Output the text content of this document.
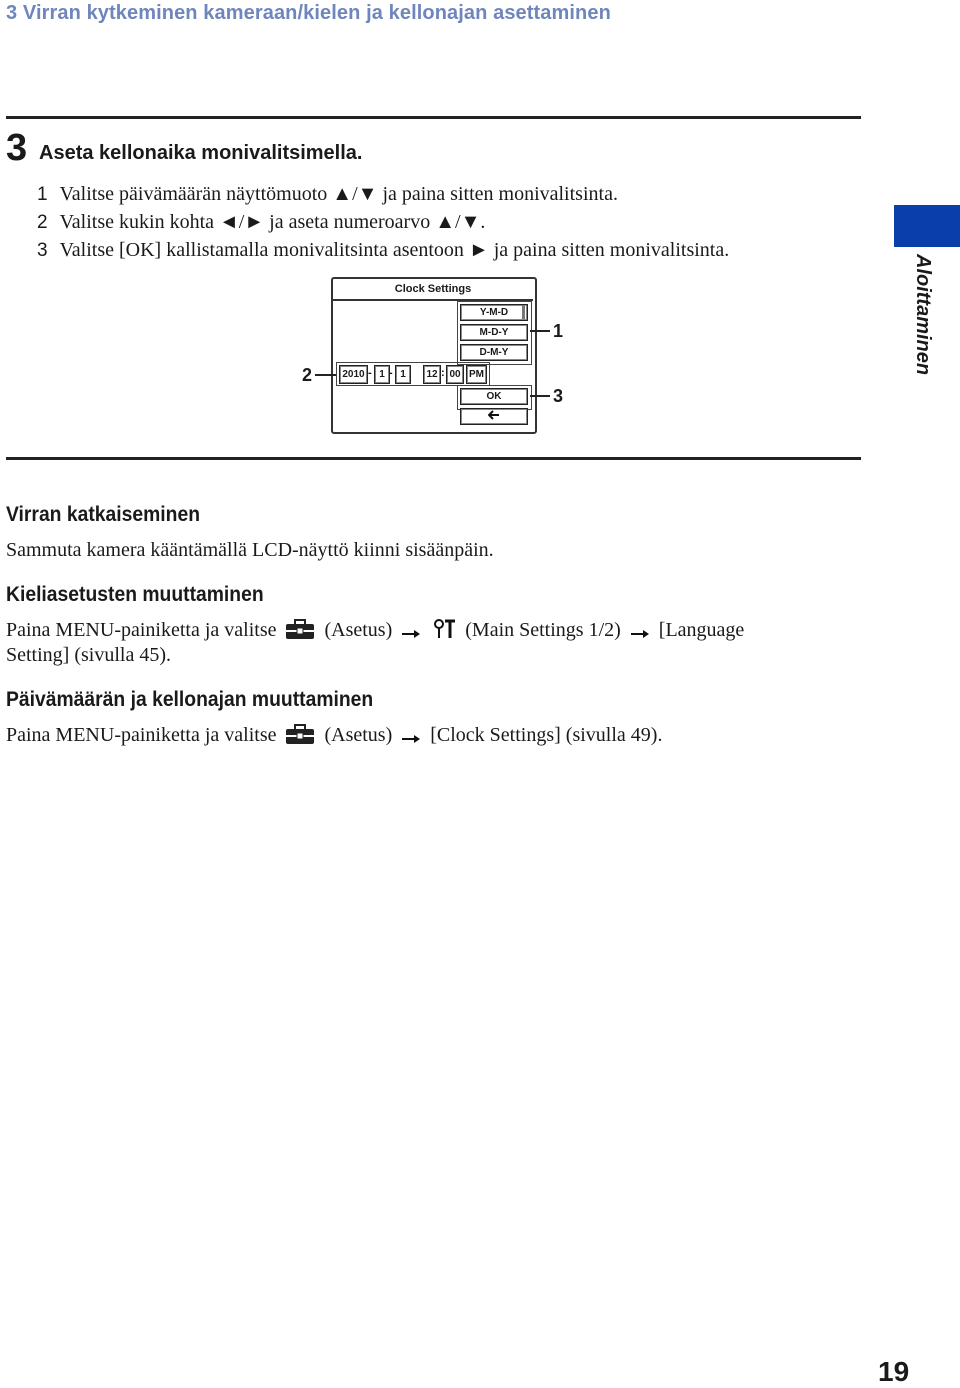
3 Virran kytkeminen kameraan/kielen ja kellonajan asettaminen
3 Aseta kellonaika monivalitsimella.
1 Valitse päivämäärän näyttömuoto ▲/▼ ja paina sitten monivalitsinta.
2 Valitse kukin kohta ◄/► ja aseta numeroarvo ▲/▼.
3 Valitse [OK] kallistamalla monivalitsinta asentoon ► ja paina sitten monivalitsinta.
Aloittaminen
Clock Settings
Y-M-D
M-D-Y
D-M-Y
2010 - 1 - 1	12 : 00 PM
OK
2
1
3
Virran katkaiseminen
Sammuta kamera kääntämällä LCD-näyttö kiinni sisäänpäin.
Kieliasetusten muuttaminen
Paina MENU-painiketta ja valitse (Asetus)	(Main Settings 1/2) [Language
Setting] (sivulla 45).
Päivämäärän ja kellonajan muuttaminen
Paina MENU-painiketta ja valitse (Asetus) [Clock Settings] (sivulla 49).
19
